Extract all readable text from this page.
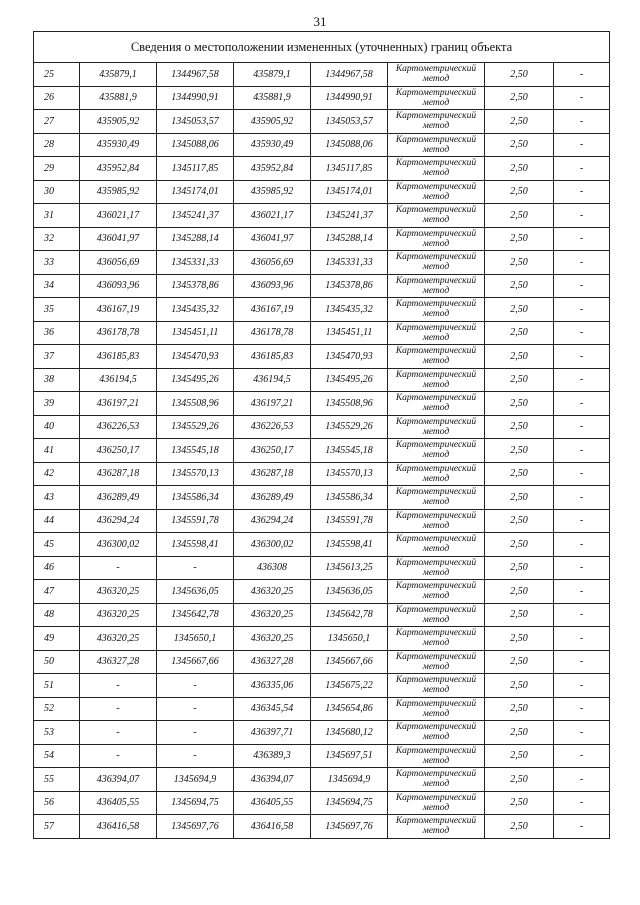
31
Сведения о местоположении измененных (уточненных) границ объекта							
25	435879,1	1344967,58	435879,1	1344967,58	Картометрический метод	2,50	-
26	435881,9	1344990,91	435881,9	1344990,91	Картометрический метод	2,50	-
27	435905,92	1345053,57	435905,92	1345053,57	Картометрический метод	2,50	-
28	435930,49	1345088,06	435930,49	1345088,06	Картометрический метод	2,50	-
29	435952,84	1345117,85	435952,84	1345117,85	Картометрический метод	2,50	-
30	435985,92	1345174,01	435985,92	1345174,01	Картометрический метод	2,50	-
31	436021,17	1345241,37	436021,17	1345241,37	Картометрический метод	2,50	-
32	436041,97	1345288,14	436041,97	1345288,14	Картометрический метод	2,50	-
33	436056,69	1345331,33	436056,69	1345331,33	Картометрический метод	2,50	-
34	436093,96	1345378,86	436093,96	1345378,86	Картометрический метод	2,50	-
35	436167,19	1345435,32	436167,19	1345435,32	Картометрический метод	2,50	-
36	436178,78	1345451,11	436178,78	1345451,11	Картометрический метод	2,50	-
37	436185,83	1345470,93	436185,83	1345470,93	Картометрический метод	2,50	-
38	436194,5	1345495,26	436194,5	1345495,26	Картометрический метод	2,50	-
39	436197,21	1345508,96	436197,21	1345508,96	Картометрический метод	2,50	-
40	436226,53	1345529,26	436226,53	1345529,26	Картометрический метод	2,50	-
41	436250,17	1345545,18	436250,17	1345545,18	Картометрический метод	2,50	-
42	436287,18	1345570,13	436287,18	1345570,13	Картометрический метод	2,50	-
43	436289,49	1345586,34	436289,49	1345586,34	Картометрический метод	2,50	-
44	436294,24	1345591,78	436294,24	1345591,78	Картометрический метод	2,50	-
45	436300,02	1345598,41	436300,02	1345598,41	Картометрический метод	2,50	-
46	-	-	436308	1345613,25	Картометрический метод	2,50	-
47	436320,25	1345636,05	436320,25	1345636,05	Картометрический метод	2,50	-
48	436320,25	1345642,78	436320,25	1345642,78	Картометрический метод	2,50	-
49	436320,25	1345650,1	436320,25	1345650,1	Картометрический метод	2,50	-
50	436327,28	1345667,66	436327,28	1345667,66	Картометрический метод	2,50	-
51	-	-	436335,06	1345675,22	Картометрический метод	2,50	-
52	-	-	436345,54	1345654,86	Картометрический метод	2,50	-
53	-	-	436397,71	1345680,12	Картометрический метод	2,50	-
54	-	-	436389,3	1345697,51	Картометрический метод	2,50	-
55	436394,07	1345694,9	436394,07	1345694,9	Картометрический метод	2,50	-
56	436405,55	1345694,75	436405,55	1345694,75	Картометрический метод	2,50	-
57	436416,58	1345697,76	436416,58	1345697,76	Картометрический метод	2,50	-
